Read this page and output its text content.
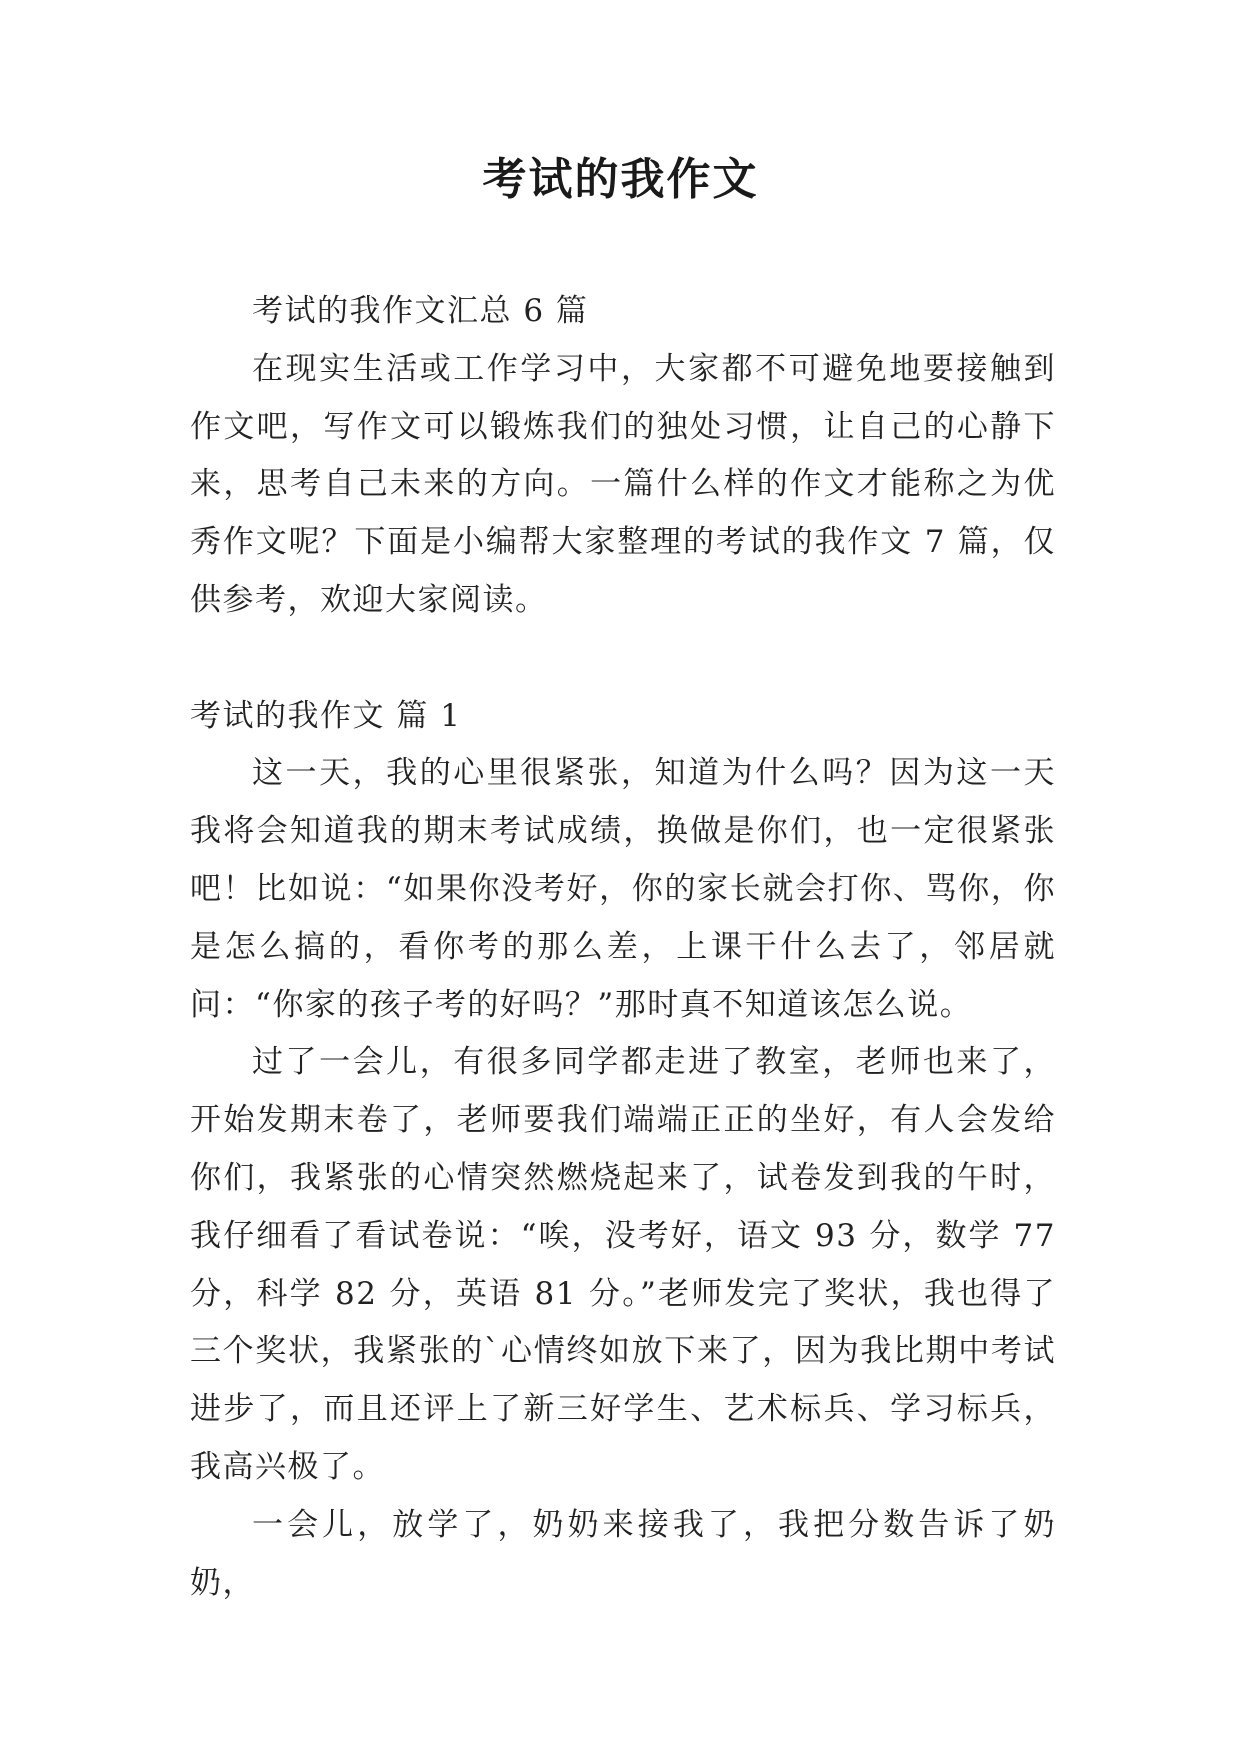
考试的我作文

考试的我作文汇总 6 篇

在现实生活或工作学习中，大家都不可避免地要接触到作文吧，写作文可以锻炼我们的独处习惯，让自己的心静下来，思考自己未来的方向。一篇什么样的作文才能称之为优秀作文呢？下面是小编帮大家整理的考试的我作文 7 篇，仅供参考，欢迎大家阅读。

考试的我作文 篇 1

这一天，我的心里很紧张，知道为什么吗？因为这一天我将会知道我的期末考试成绩，换做是你们，也一定很紧张吧！比如说：“如果你没考好，你的家长就会打你、骂你，你是怎么搞的，看你考的那么差，上课干什么去了，邻居就问：“你家的孩子考的好吗？”那时真不知道该怎么说。

过了一会儿，有很多同学都走进了教室，老师也来了，开始发期末卷了，老师要我们端端正正的坐好，有人会发给你们，我紧张的心情突然燃烧起来了，试卷发到我的午时，我仔细看了看试卷说：“唉，没考好，语文 93 分，数学 77 分，科学 82 分，英语 81 分。”老师发完了奖状，我也得了三个奖状，我紧张的`心情终如放下来了，因为我比期中考试进步了，而且还评上了新三好学生、艺术标兵、学习标兵，我高兴极了。

一会儿，放学了，奶奶来接我了，我把分数告诉了奶奶，
